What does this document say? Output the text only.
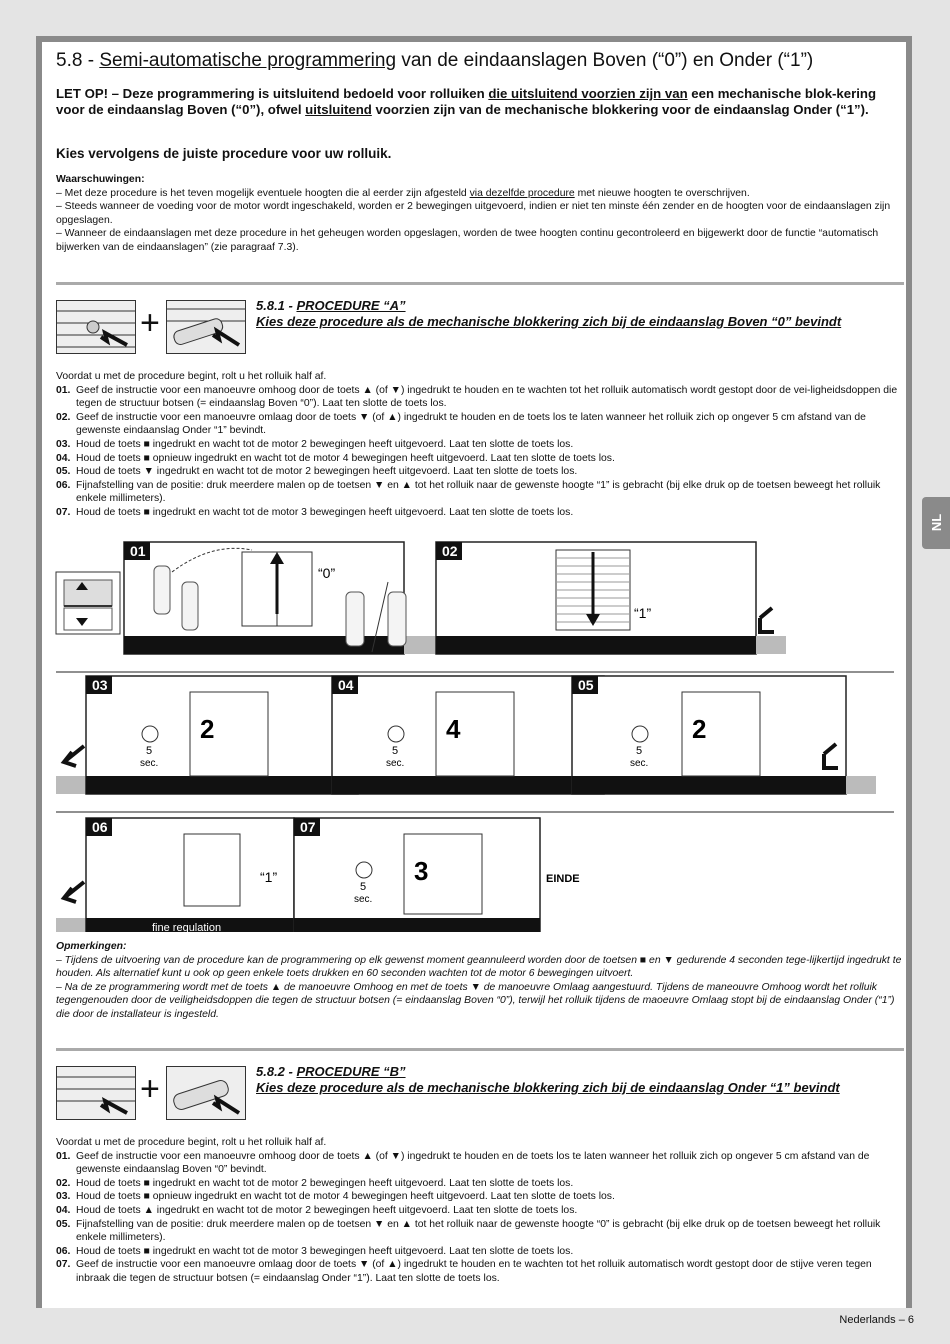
5.8 - Semi-automatische programmering van de eindaanslagen Boven (“0”) en Onder (“1”)

LET OP! – Deze programmering is uitsluitend bedoeld voor rolluiken die uitsluitend voorzien zijn van een mechanische blok-kering voor de eindaanslag Boven (“0”), ofwel uitsluitend voorzien zijn van de mechanische blokkering voor de eindaanslag Onder (“1”).

Kies vervolgens de juiste procedure voor uw rolluik.

Waarschuwingen:

– Met deze procedure is het teven mogelijk eventuele hoogten die al eerder zijn afgesteld via dezelfde procedure met nieuwe hoogten te overschrijven.

– Steeds wanneer de voeding voor de motor wordt ingeschakeld, worden er 2 bewegingen uitgevoerd, indien er niet ten minste één zender en de hoogten voor de eindaanslagen zijn opgeslagen.

– Wanneer de eindaanslagen met deze procedure in het geheugen worden opgeslagen, worden de twee hoogten continu gecontroleerd en bijgewerkt door de functie “automatisch bijwerken van de eindaanslagen” (zie paragraaf 7.3).

+	5.8.1 - PROCEDURE “A”
Kies deze procedure als de mechanische blokkering zich bij de eindaanslag Boven “0” bevindt

Voordat u met de procedure begint, rolt u het rolluik half af.

01. Geef de instructie voor een manoeuvre omhoog door de toets ▲ (of ▼) ingedrukt te houden en te wachten tot het rolluik automatisch wordt gestopt door de vei-ligheidsdoppen die tegen de structuur botsen (= eindaanslag Boven “0”). Laat ten slotte de toets los.

02. Geef de instructie voor een manoeuvre omlaag door de toets ▼ (of ▲) ingedrukt te houden en de toets los te laten wanneer het rolluik zich op ongever 5 cm afstand van de gewenste eindaanslag Onder “1” bevindt.

03. Houd de toets ■ ingedrukt en wacht tot de motor 2 bewegingen heeft uitgevoerd. Laat ten slotte de toets los.

04. Houd de toets ■ opnieuw ingedrukt en wacht tot de motor 4 bewegingen heeft uitgevoerd. Laat ten slotte de toets los.

05. Houd de toets ▼ ingedrukt en wacht tot de motor 2 bewegingen heeft uitgevoerd. Laat ten slotte de toets los.

06. Fijnafstelling van de positie: druk meerdere malen op de toetsen ▼ en ▲ tot het rolluik naar de gewenste hoogte “1” is gebracht (bij elke druk op de toetsen beweegt het rolluik enkele millimeters).

07. Houd de toets ■ ingedrukt en wacht tot de motor 3 bewegingen heeft uitgevoerd. Laat ten slotte de toets los.

01
“0”
02
“1”
03
2
5
sec.
04
4
5
sec.
05
2
5
sec.
06
fine regulation
“1”
07
3
5
sec.
EINDE

Opmerkingen:

– Tijdens de uitvoering van de procedure kan de programmering op elk gewenst moment geannuleerd worden door de toetsen ■ en ▼ gedurende 4 seconden tege-lijkertijd ingedrukt te houden. Als alternatief kunt u ook op geen enkele toets drukken en 60 seconden wachten tot de motor 6 bewegingen uitvoert.

– Na de ze programmering wordt met de toets ▲ de manoeuvre Omhoog en met de toets ▼ de manoeuvre Omlaag aangestuurd. Tijdens de maneouvre Omhoog wordt het rolluik tegengenouden door de veiligheidsdoppen die tegen de structuur botsen (= eindaanslag Boven “0”), terwijl het rolluik tijdens de maoeuvre Omlaag stopt bij de eindaanslag Onder (“1”) die door de installateur is ingesteld.

+	5.8.2 - PROCEDURE “B”
Kies deze procedure als de mechanische blokkering zich bij de eindaanslag Onder “1” bevindt

Voordat u met de procedure begint, rolt u het rolluik half af.

01. Geef de instructie voor een manoeuvre omhoog door de toets ▲ (of ▼) ingedrukt te houden en de toets los te laten wanneer het rolluik zich op ongever 5 cm afstand van de gewenste eindaanslag Boven “0” bevindt.

02. Houd de toets ■ ingedrukt en wacht tot de motor 2 bewegingen heeft uitgevoerd. Laat ten slotte de toets los.

03. Houd de toets ■ opnieuw ingedrukt en wacht tot de motor 4 bewegingen heeft uitgevoerd. Laat ten slotte de toets los.

04. Houd de toets ▲ ingedrukt en wacht tot de motor 2 bewegingen heeft uitgevoerd. Laat ten slotte de toets los.

05. Fijnafstelling van de positie: druk meerdere malen op de toetsen ▼ en ▲ tot het rolluik naar de gewenste hoogte “0” is gebracht (bij elke druk op de toetsen beweegt het rolluik enkele millimeters).

06. Houd de toets ■ ingedrukt en wacht tot de motor 3 bewegingen heeft uitgevoerd. Laat ten slotte de toets los.

07. Geef de instructie voor een manoeuvre omlaag door de toets ▼ (of ▲) ingedrukt te houden en te wachten tot het rolluik automatisch wordt gestopt door de stijve veren tegen inbraak die tegen de structuur botsen (= eindaanslag Onder “1”). Laat ten slotte de toets los.

NL
Nederlands – 6
